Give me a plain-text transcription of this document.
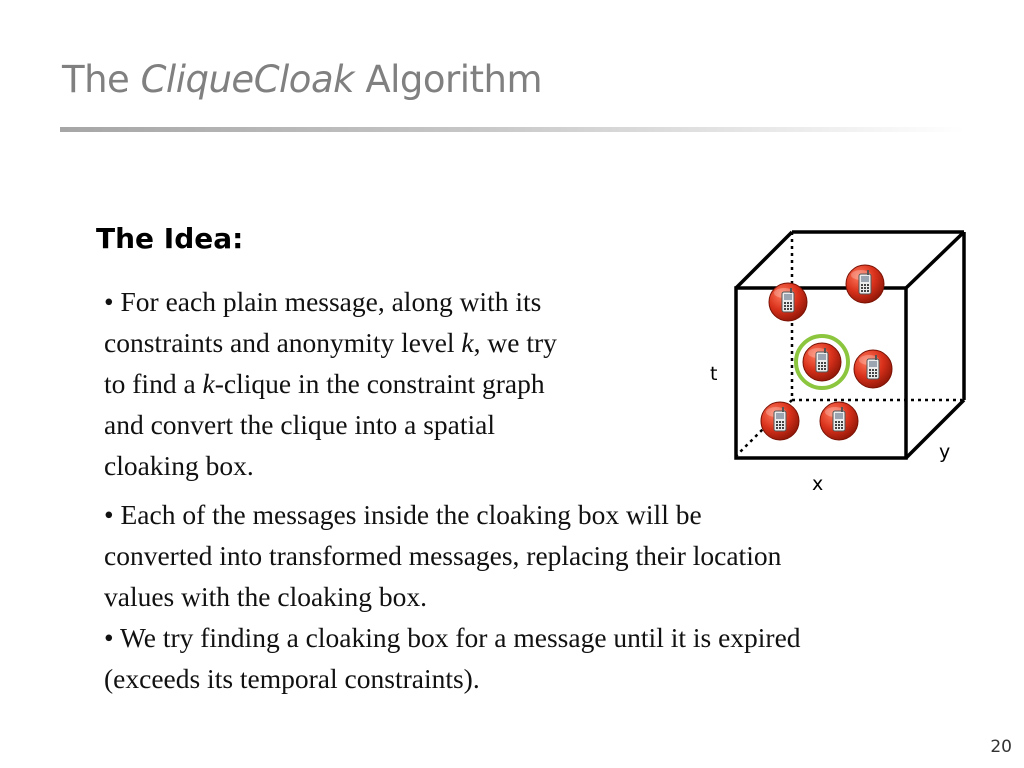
The CliqueCloak Algorithm
The Idea:

• For each plain message, along with its
constraints and anonymity level k, we try
to find a k-clique in the constraint graph
and convert the clique into a spatial
cloaking box.

• Each of the messages inside the cloaking box will be
converted into transformed messages, replacing their location
values with the cloaking box.

• We try finding a cloaking box for a message until it is expired
(exceeds its temporal constraints).

t
y
x
20
